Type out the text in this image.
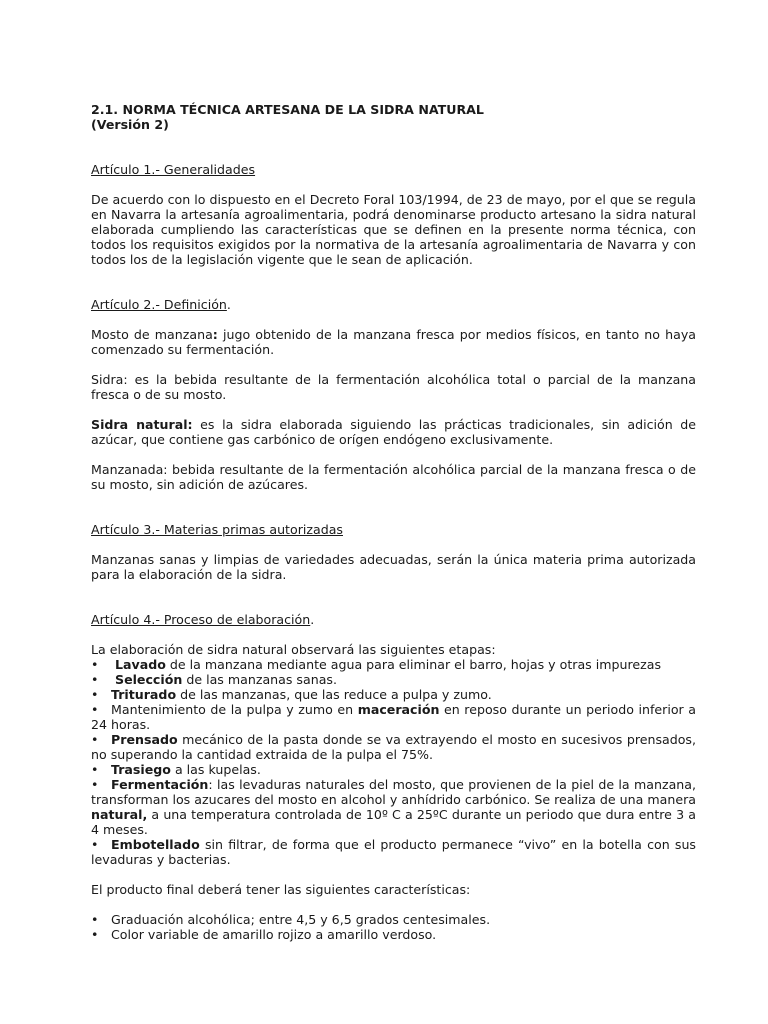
2.1. NORMA TÉCNICA ARTESANA DE LA SIDRA NATURAL
(Versión 2)
Artículo 1.- Generalidades

De acuerdo con lo dispuesto en el Decreto Foral 103/1994, de 23 de mayo, por el que se regula en Navarra la artesanía agroalimentaria, podrá denominarse producto artesano la sidra natural elaborada cumpliendo las características que se definen en la presente norma técnica, con todos los requisitos exigidos por la normativa de la artesanía agroalimentaria de Navarra y con todos los de la legislación vigente que le sean de aplicación.

Artículo 2.- Definición.

Mosto de manzana: jugo obtenido de la manzana fresca por medios físicos, en tanto no haya comenzado su fermentación.

Sidra: es la bebida resultante de la fermentación alcohólica total o parcial de la manzana fresca o de su mosto.

Sidra natural: es la sidra elaborada siguiendo las prácticas tradicionales, sin adición de azúcar, que contiene gas carbónico de orígen endógeno exclusivamente.

Manzanada: bebida resultante de la fermentación alcohólica parcial de la manzana fresca o de su mosto, sin adición de azúcares.

Artículo 3.- Materias primas autorizadas

Manzanas sanas y limpias de variedades adecuadas, serán la única materia prima autorizada para la elaboración de la sidra.

Artículo 4.- Proceso de elaboración.

La elaboración de sidra natural observará las siguientes etapas:

• Lavado de la manzana mediante agua para eliminar el barro, hojas y otras impurezas
• Selección de las manzanas sanas.
• Triturado de las manzanas, que las reduce a pulpa y zumo.
• Mantenimiento de la pulpa y zumo en maceración en reposo durante un periodo inferior a 24 horas.
• Prensado mecánico de la pasta donde se va extrayendo el mosto en sucesivos prensados, no superando la cantidad extraida de la pulpa el 75%.
• Trasiego a las kupelas.
• Fermentación: las levaduras naturales del mosto, que provienen de la piel de la manzana, transforman los azucares del mosto en alcohol y anhídrido carbónico. Se realiza de una manera natural, a una temperatura controlada de 10º C a 25ºC durante un periodo que dura entre 3 a 4 meses.
• Embotellado sin filtrar, de forma que el producto permanece “vivo” en la botella con sus levaduras y bacterias.

El producto final deberá tener las siguientes características:

• Graduación alcohólica; entre 4,5 y 6,5 grados centesimales.
• Color variable de amarillo rojizo a amarillo verdoso.
